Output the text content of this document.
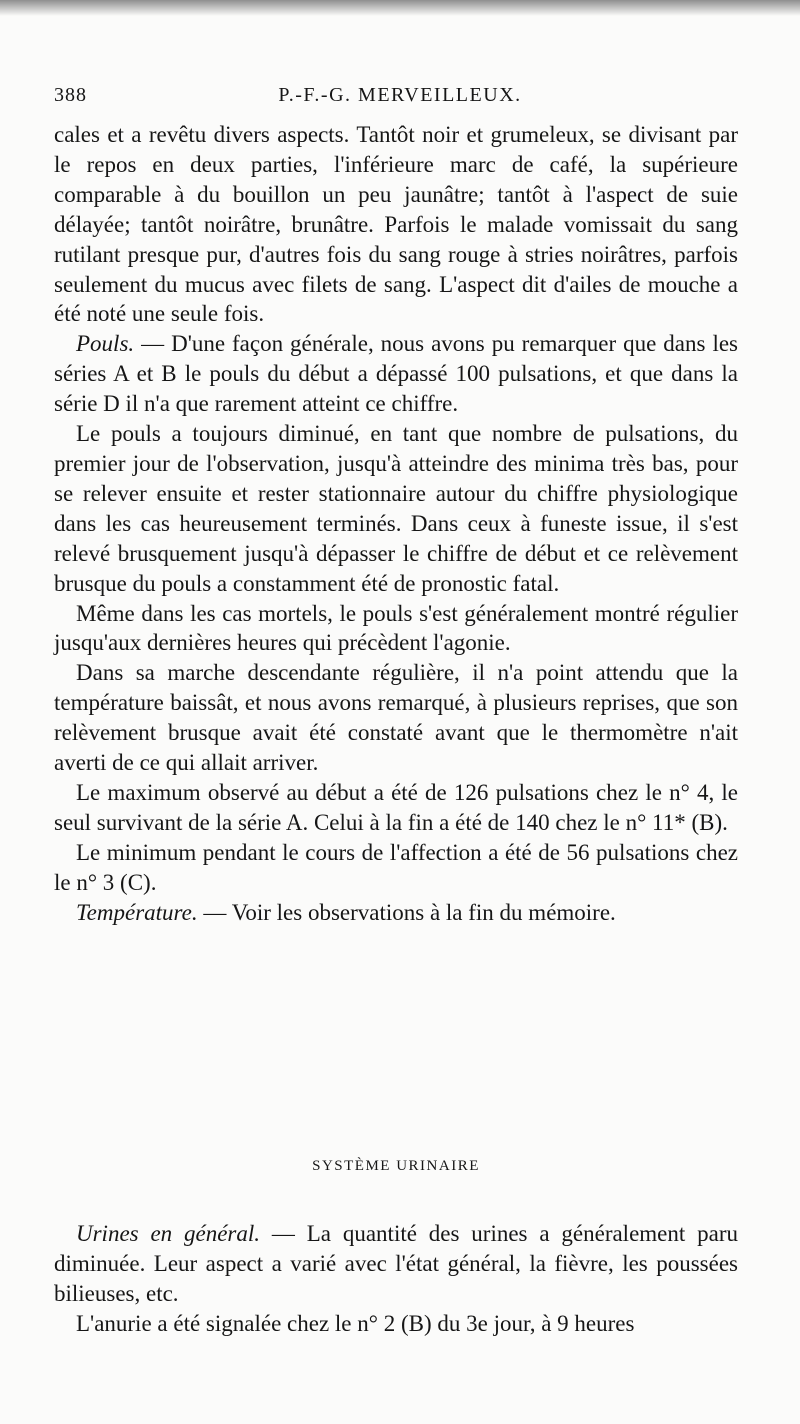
388	P.-F.-G. MERVEILLEUX.

cales et a revêtu divers aspects. Tantôt noir et grumeleux, se divisant par le repos en deux parties, l'inférieure marc de café, la supérieure comparable à du bouillon un peu jaunâtre; tantôt à l'aspect de suie délayée; tantôt noirâtre, brunâtre. Parfois le malade vomissait du sang rutilant presque pur, d'autres fois du sang rouge à stries noirâtres, parfois seulement du mucus avec filets de sang. L'aspect dit d'ailes de mouche a été noté une seule fois.

Pouls. — D'une façon générale, nous avons pu remarquer que dans les séries A et B le pouls du début a dépassé 100 pulsations, et que dans la série D il n'a que rarement atteint ce chiffre.

Le pouls a toujours diminué, en tant que nombre de pulsations, du premier jour de l'observation, jusqu'à atteindre des minima très bas, pour se relever ensuite et rester stationnaire autour du chiffre physiologique dans les cas heureusement terminés. Dans ceux à funeste issue, il s'est relevé brusquement jusqu'à dépasser le chiffre de début et ce relèvement brusque du pouls a constamment été de pronostic fatal.

Même dans les cas mortels, le pouls s'est généralement montré régulier jusqu'aux dernières heures qui précèdent l'agonie.

Dans sa marche descendante régulière, il n'a point attendu que la température baissât, et nous avons remarqué, à plusieurs reprises, que son relèvement brusque avait été constaté avant que le thermomètre n'ait averti de ce qui allait arriver.

Le maximum observé au début a été de 126 pulsations chez le n° 4, le seul survivant de la série A. Celui à la fin a été de 140 chez le n° 11* (B).

Le minimum pendant le cours de l'affection a été de 56 pulsations chez le n° 3 (C).

Température. — Voir les observations à la fin du mémoire.

SYSTÈME URINAIRE

Urines en général. — La quantité des urines a généralement paru diminuée. Leur aspect a varié avec l'état général, la fièvre, les poussées bilieuses, etc.

L'anurie a été signalée chez le n° 2 (B) du 3e jour, à 9 heures
